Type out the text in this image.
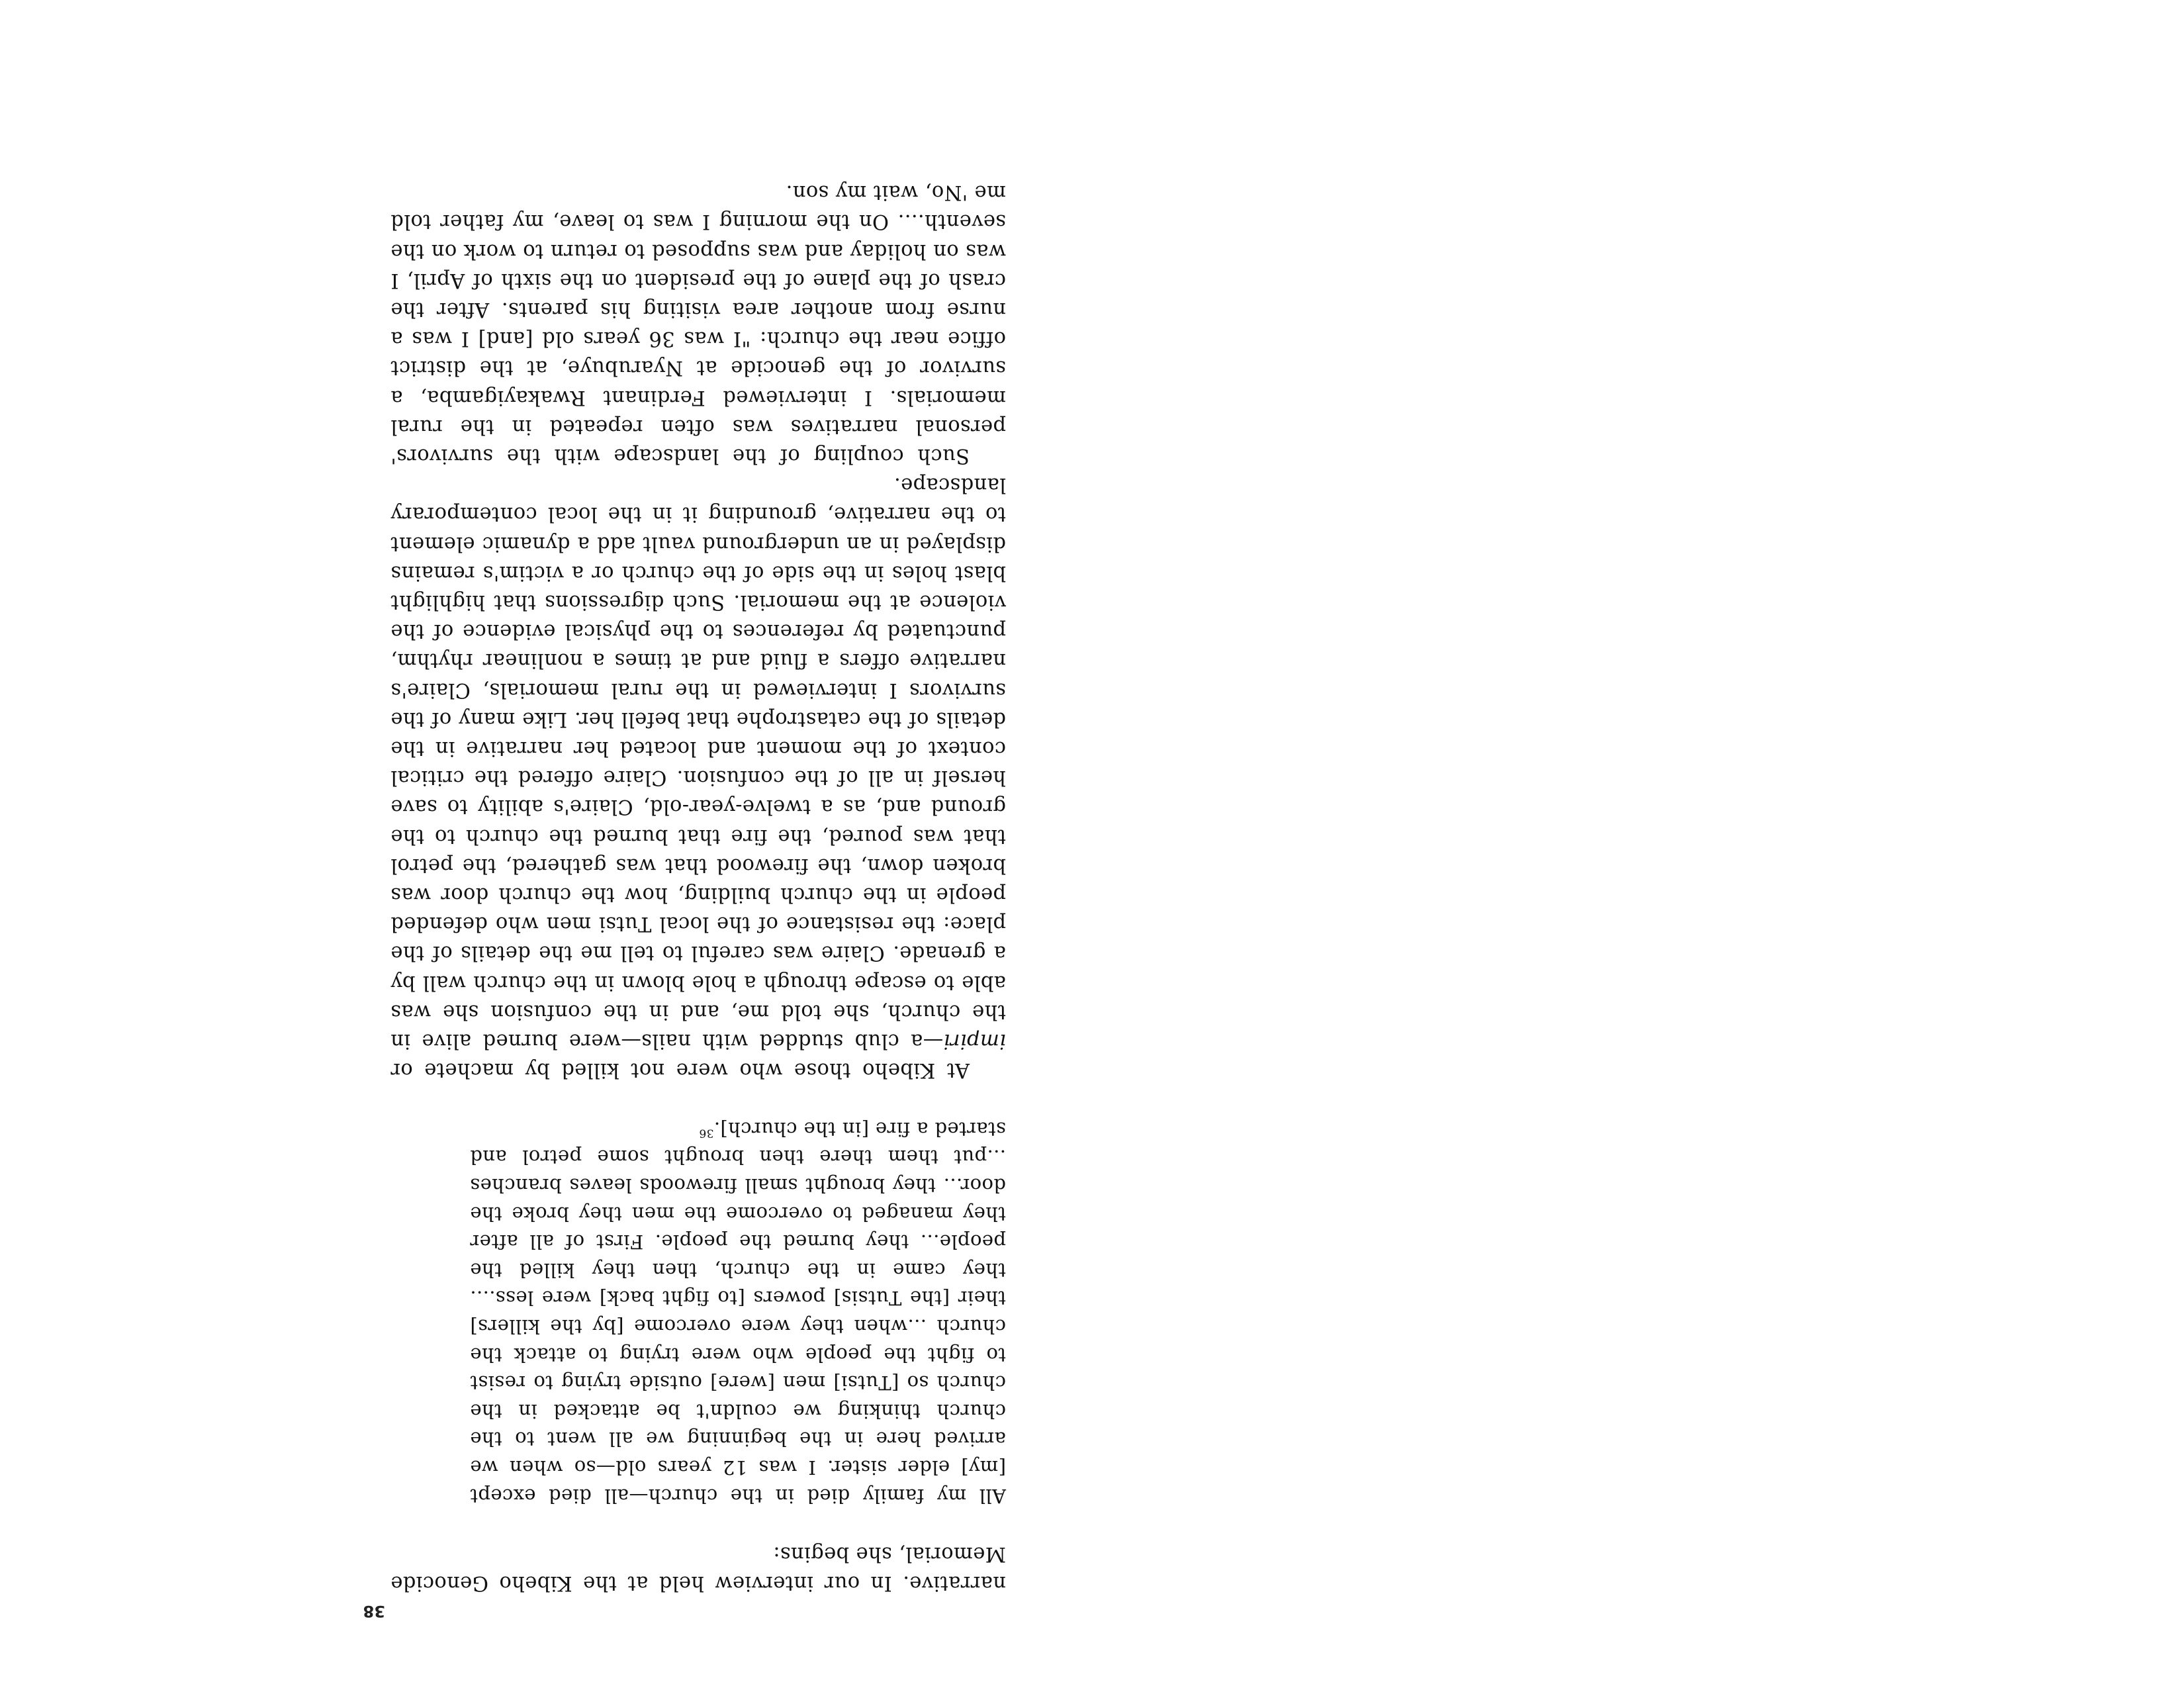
38

narrative. In our interview held at the Kibeho Genocide Memorial, she begins:

All my family died in the church—all died except [my] elder sister. I was 12 years old—so when we arrived here in the beginning we all went to the church thinking we couldn't be attacked in the church so [Tutsi] men [were] outside trying to resist to fight the people who were trying to attack the church ...when they were overcome [by the killers] their [the Tutsis] powers [to fight back] were less.... they came in the church, then they killed the people... they burned the people. First of all after they managed to overcome the men they broke the door... they brought small firewoods leaves branches ...put them there then brought some petrol and started a fire [in the church].$^{36}$

At Kibeho those who were not killed by machete or impiri—a club studded with nails—were burned alive in the church, she told me, and in the confusion she was able to escape through a hole blown in the church wall by a grenade. Claire was careful to tell me the details of the place: the resistance of the local Tutsi men who defended people in the church building, how the church door was broken down, the firewood that was gathered, the petrol that was poured, the fire that burned the church to the ground and, as a twelve-year-old, Claire's ability to save herself in all of the confusion. Claire offered the critical context of the moment and located her narrative in the details of the catastrophe that befell her. Like many of the survivors I interviewed in the rural memorials, Claire's narrative offers a fluid and at times a nonlinear rhythm, punctuated by references to the physical evidence of the violence at the memorial. Such digressions that highlight blast holes in the side of the church or a victim's remains displayed in an underground vault add a dynamic element to the narrative, grounding it in the local contemporary landscape.

Such coupling of the landscape with the survivors' personal narratives was often repeated in the rural memorials. I interviewed Ferdinant Rwakayigamba, a survivor of the genocide at Nyarubuye, at the district office near the church: "I was 36 years old [and] I was a nurse from another area visiting his parents. After the crash of the plane of the president on the sixth of April, I was on holiday and was supposed to return to work on the seventh.... On the morning I was to leave, my father told me 'No, wait my son.
